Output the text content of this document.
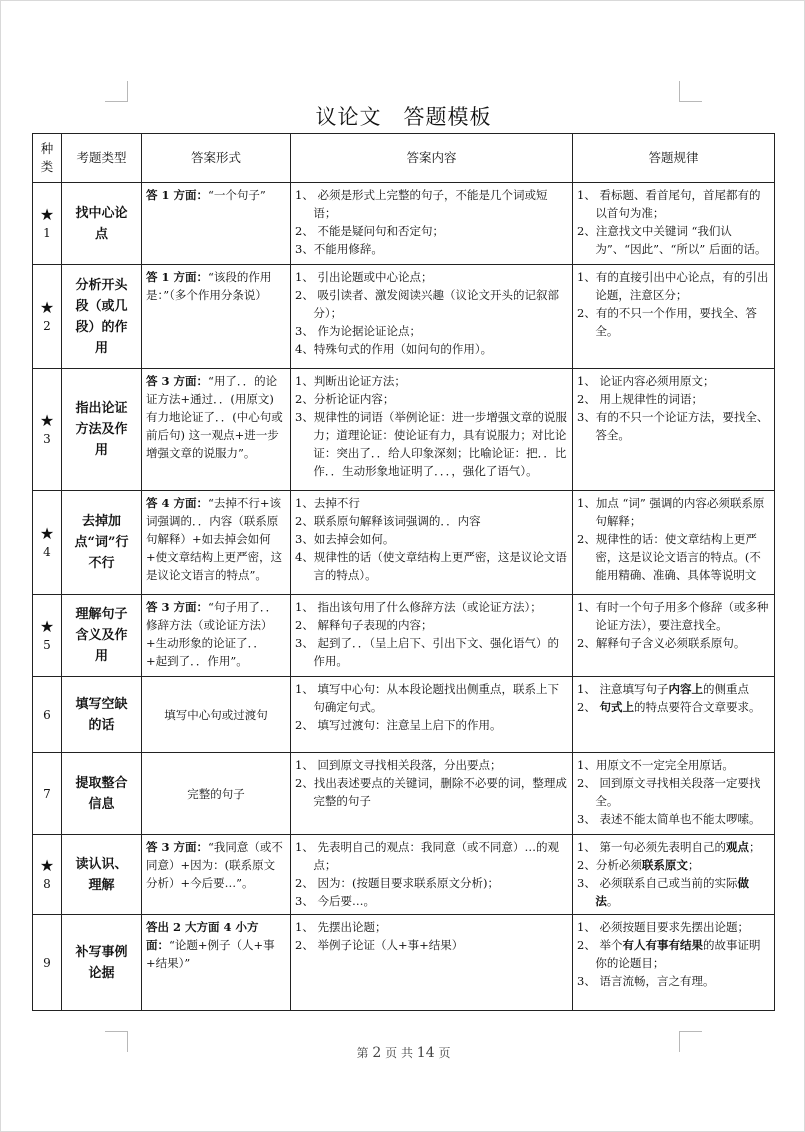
议论文　答题模板
种类	考题类型	答案形式	答案内容	答题规律

★
1	找中心论点	答 1 方面：“一个句子”	1、 必须是形式上完整的句子，不能是几个词或短语；
2、 不能是疑问句和否定句；
3、不能用修辞。	1、 看标题、看首尾句，首尾都有的以首句为准；
2、注意找文中关键词 “我们认为”、“因此”、“所以” 后面的话。

★
2	分析开头段（或几段）的作用	答 1 方面：“该段的作用是：”（多个作用分条说）	1、 引出论题或中心论点；
2、 吸引读者、激发阅读兴趣（议论文开头的记叙部分）；
3、 作为论据论证论点；
4、特殊句式的作用（如问句的作用）。	1、有的直接引出中心论点，有的引出论题，注意区分；
2、有的不只一个作用，要找全、答全。

★
3	指出论证方法及作用	答 3 方面：“用了．．的论证方法+通过．．(用原文) 有力地论证了．．(中心句或前后句) 这一观点+进一步增强文章的说服力”。	1、判断出论证方法；
2、分析论证内容；
3、规律性的词语（举例论证：进一步增强文章的说服力；道理论证：使论证有力，具有说服力；对比论证：突出了．．给人印象深刻；比喻论证：把．．比作．．生动形象地证明了．．．，强化了语气）。	1、 论证内容必须用原文；
2、 用上规律性的词语；
3、有的不只一个论证方法，要找全、答全。

★
4	去掉加点“词”行不行	答 4 方面：“去掉不行+该词强调的．．内容（联系原句解释）+如去掉会如何+使文章结构上更严密，这是议论文语言的特点”。	1、去掉不行
2、联系原句解释该词强调的．．内容
3、如去掉会如何。
4、规律性的话（使文章结构上更严密，这是议论文语言的特点）。	1、加点 “词” 强调的内容必须联系原句解释；
2、规律性的话：使文章结构上更严密，这是议论文语言的特点。(不能用精确、准确、具体等说明文

★
5	理解句子含义及作用	答 3 方面：“句子用了．．修辞方法（或论证方法）+生动形象的论证了．．+起到了．．作用”。	1、 指出该句用了什么修辞方法（或论证方法）；
2、 解释句子表现的内容；
3、 起到了．．（呈上启下、引出下文、强化语气）的作用。	1、有时一个句子用多个修辞（或多种论证方法），要注意找全。
2、解释句子含义必须联系原句。

6	填写空缺的话	填写中心句或过渡句	1、 填写中心句：从本段论题找出侧重点，联系上下句确定句式。
2、 填写过渡句：注意呈上启下的作用。	1、 注意填写句子内容上的侧重点
2、 句式上的特点要符合文章要求。

7	提取整合信息	完整的句子	1、 回到原文寻找相关段落，分出要点；
2、找出表述要点的关键词，删除不必要的词，整理成完整的句子	1、用原文不一定完全用原话。
2、 回到原文寻找相关段落一定要找全。
3、 表述不能太简单也不能太啰嗦。

★
8	读认识、理解	答 3 方面：“我同意（或不同意）+因为：(联系原文分析）+今后要…”。	1、 先表明自己的观点：我同意（或不同意）…的观点；
2、 因为：(按题目要求联系原文分析)；
3、 今后要…。	1、 第一句必须先表明自己的观点；
2、分析必须联系原文；
3、 必须联系自己或当前的实际做法。

9	补写事例论据	答出 2 大方面 4 小方面：“论题+例子（人+事+结果）”	1、 先摆出论题；
2、 举例子论证（人+事+结果）	1、 必须按题目要求先摆出论题；
2、 举个有人有事有结果的故事证明你的论题目；
3、 语言流畅，言之有理。
第 2 页 共 14 页
